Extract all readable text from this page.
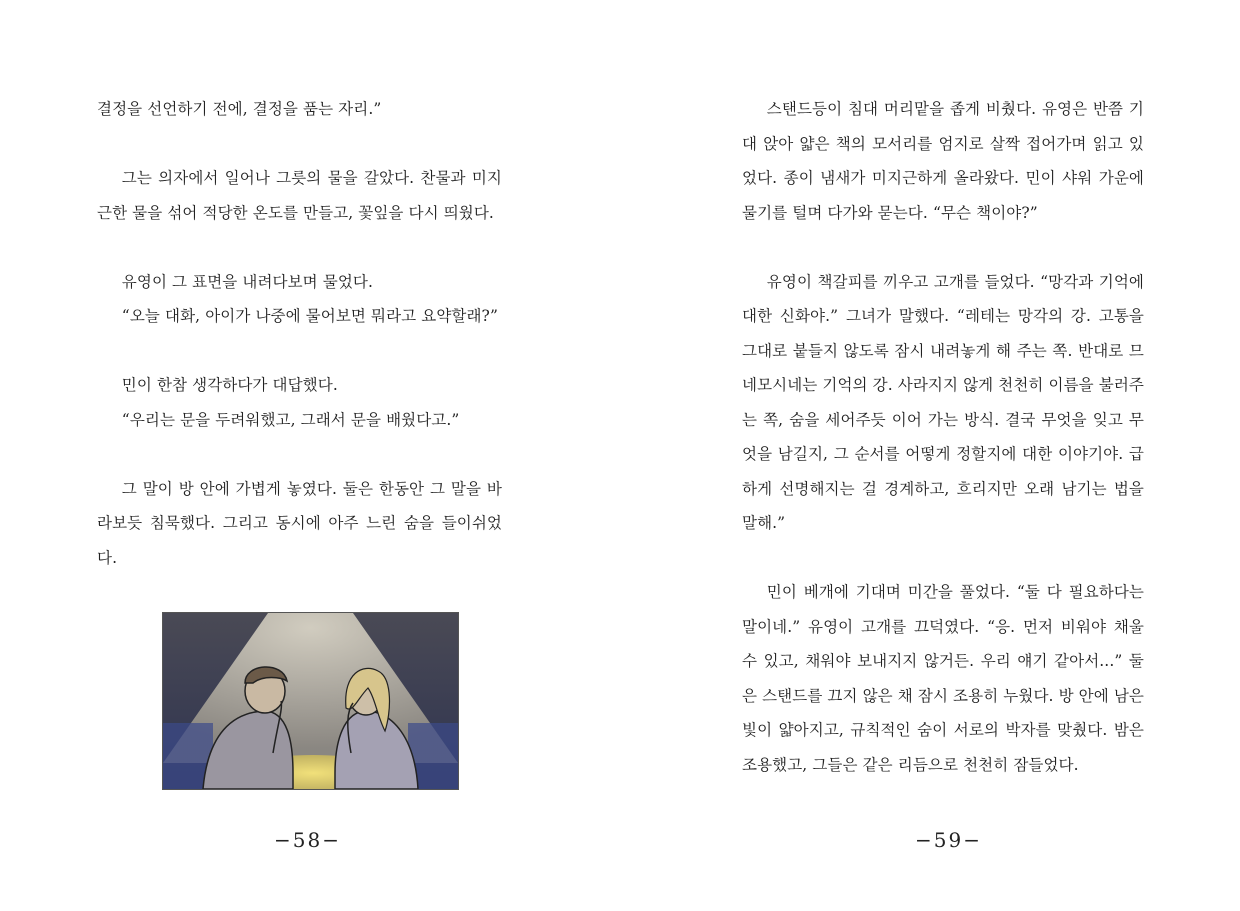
결정을 선언하기 전에, 결정을 품는 자리.”

그는 의자에서 일어나 그릇의 물을 갈았다. 찬물과 미지근한 물을 섞어 적당한 온도를 만들고, 꽃잎을 다시 띄웠다.

유영이 그 표면을 내려다보며 물었다.

“오늘 대화, 아이가 나중에 물어보면 뭐라고 요약할래?”

민이 한참 생각하다가 대답했다.

“우리는 문을 두려워했고, 그래서 문을 배웠다고.”

그 말이 방 안에 가볍게 놓였다. 둘은 한동안 그 말을 바라보듯 침묵했다. 그리고 동시에 아주 느린 숨을 들이쉬었다.

−58−

스탠드등이 침대 머리맡을 좁게 비췄다. 유영은 반쯤 기대 앉아 얇은 책의 모서리를 엄지로 살짝 접어가며 읽고 있었다. 종이 냄새가 미지근하게 올라왔다. 민이 샤워 가운에 물기를 털며 다가와 묻는다. “무슨 책이야?”

유영이 책갈피를 끼우고 고개를 들었다. “망각과 기억에 대한 신화야.” 그녀가 말했다. “레테는 망각의 강. 고통을 그대로 붙들지 않도록 잠시 내려놓게 해 주는 쪽. 반대로 므네모시네는 기억의 강. 사라지지 않게 천천히 이름을 불러주는 쪽, 숨을 세어주듯 이어 가는 방식. 결국 무엇을 잊고 무엇을 남길지, 그 순서를 어떻게 정할지에 대한 이야기야. 급하게 선명해지는 걸 경계하고, 흐리지만 오래 남기는 법을 말해.”

민이 베개에 기대며 미간을 풀었다. “둘 다 필요하다는 말이네.” 유영이 고개를 끄덕였다. “응. 먼저 비워야 채울 수 있고, 채워야 보내지지 않거든. 우리 얘기 같아서...” 둘은 스탠드를 끄지 않은 채 잠시 조용히 누웠다. 방 안에 남은 빛이 얇아지고, 규칙적인 숨이 서로의 박자를 맞췄다. 밤은 조용했고, 그들은 같은 리듬으로 천천히 잠들었다.

−59−
